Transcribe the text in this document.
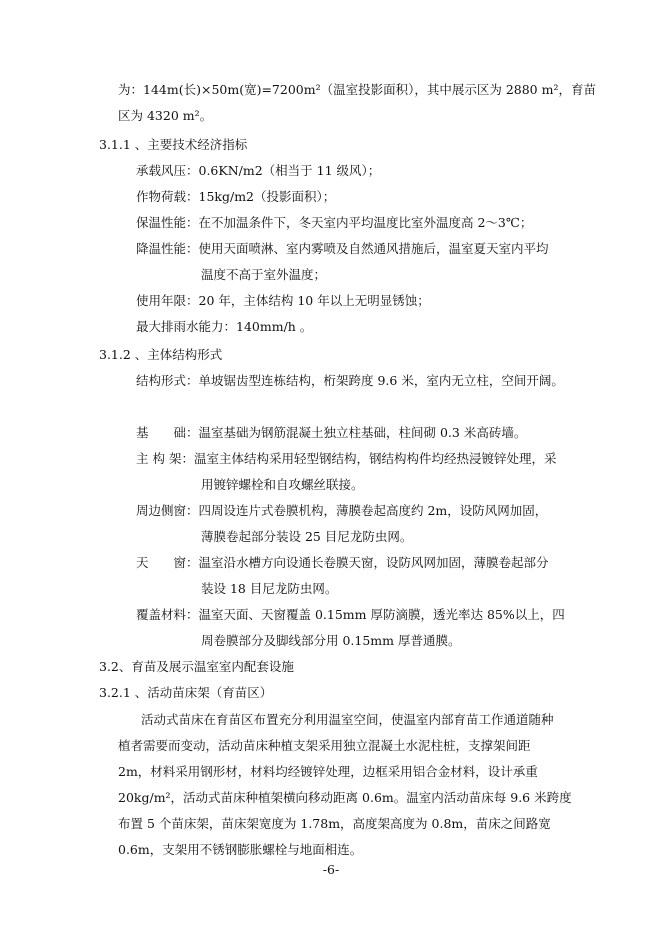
为：144m(长)×50m(宽)=7200m²（温室投影面积），其中展示区为 2880 m²，育苗
区为 4320 m²。
3.1.1 、主要技术经济指标
承载风压：0.6KN/m2（相当于 11 级风）；
作物荷载：15kg/m2（投影面积）；
保温性能：在不加温条件下，冬天室内平均温度比室外温度高 2～3℃；
降温性能：使用天面喷淋、室内雾喷及自然通风措施后，温室夏天室内平均
温度不高于室外温度；
使用年限：20 年，主体结构 10 年以上无明显锈蚀；
最大排雨水能力：140mm/h 。
3.1.2 、主体结构形式
结构形式：单坡锯齿型连栋结构，桁架跨度 9.6 米，室内无立柱，空间开阔。
基　　础：温室基础为钢筋混凝土独立柱基础，柱间砌 0.3 米高砖墙。
主 构 架：温室主体结构采用轻型钢结构，钢结构构件均经热浸镀锌处理，采
用镀锌螺栓和自攻螺丝联接。
周边侧窗：四周设连片式卷膜机构，薄膜卷起高度约 2m，设防风网加固，
薄膜卷起部分装设 25 目尼龙防虫网。
天　　窗：温室沿水槽方向设通长卷膜天窗，设防风网加固，薄膜卷起部分
装设 18 目尼龙防虫网。
覆盖材料：温室天面、天窗覆盖 0.15mm 厚防滴膜，透光率达 85%以上，四
周卷膜部分及脚线部分用 0.15mm 厚普通膜。
3.2、育苗及展示温室室内配套设施
3.2.1 、活动苗床架（育苗区）
活动式苗床在育苗区布置充分利用温室空间，使温室内部育苗工作通道随种
植者需要而变动，活动苗床种植支架采用独立混凝土水泥柱桩，支撑架间距
2m，材料采用钢形材，材料均经镀锌处理，边框采用铝合金材料，设计承重
20kg/m²，活动式苗床种植架横向移动距离 0.6m。温室内活动苗床每 9.6 米跨度
布置 5 个苗床架，苗床架宽度为 1.78m，高度架高度为 0.8m，苗床之间路宽
0.6m，支架用不锈钢膨胀螺栓与地面相连。
-6-
